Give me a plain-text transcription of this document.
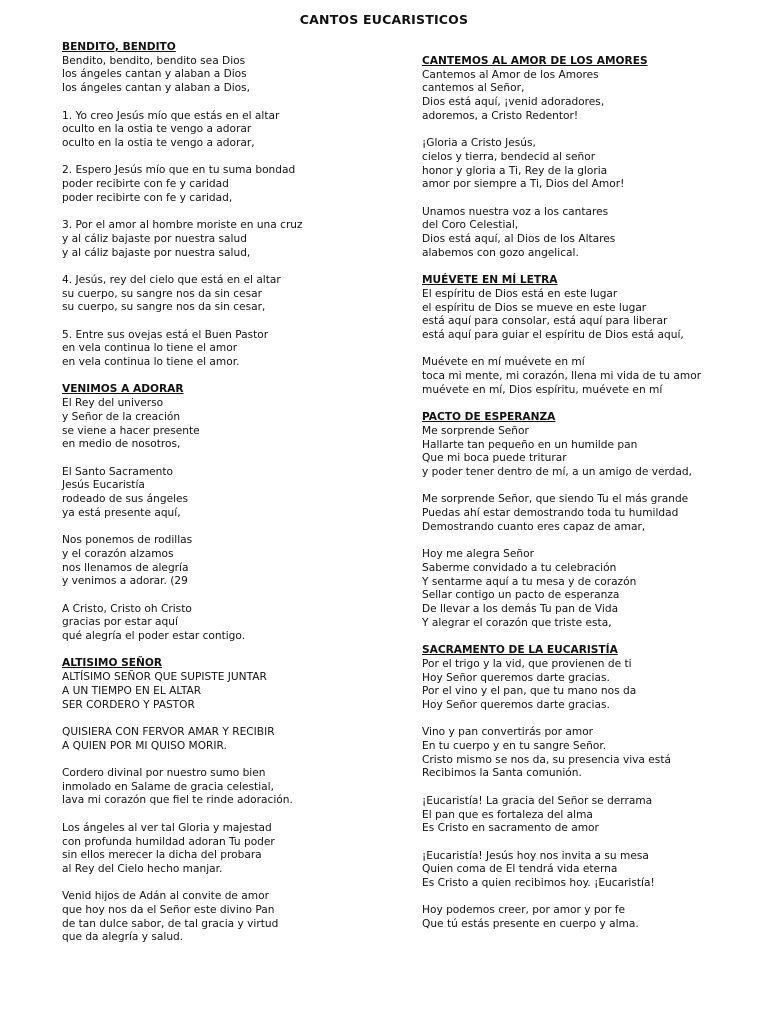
CANTOS EUCARISTICOS
BENDITO, BENDITO
Bendito, bendito, bendito sea Dios
los ángeles cantan y alaban a Dios
los ángeles cantan y alaban a Dios,
1. Yo creo Jesús mío que estás en el altar
oculto en la ostia te vengo a adorar
oculto en la ostia te vengo a adorar,
2. Espero Jesús mío que en tu suma bondad
poder recibirte con fe y caridad
poder recibirte con fe y caridad,
3. Por el amor al hombre moriste en una cruz
y al cáliz bajaste por nuestra salud
y al cáliz bajaste por nuestra salud,
4. Jesús, rey del cielo que está en el altar
su cuerpo, su sangre nos da sin cesar
su cuerpo, su sangre nos da sin cesar,
5. Entre sus ovejas está el Buen Pastor
en vela continua lo tiene el amor
en vela continua lo tiene el amor.
VENIMOS A ADORAR
El Rey del universo
y Señor de la creación
se viene a hacer presente
en medio de nosotros,
El Santo Sacramento
Jesús Eucaristía
rodeado de sus ángeles
ya está presente aquí,
Nos ponemos de rodillas
y el corazón alzamos
nos llenamos de alegría
y venimos a adorar. (29
A Cristo, Cristo oh Cristo
gracias por estar aquí
qué alegría el poder estar contigo.
ALTISIMO SEÑOR
ALTÍSIMO SEÑOR QUE SUPISTE JUNTAR
A UN TIEMPO EN EL ALTAR
SER CORDERO Y PASTOR
QUISIERA CON FERVOR AMAR Y RECIBIR
A QUIEN POR MI QUISO MORIR.
Cordero divinal por nuestro sumo bien
inmolado en Salame de gracia celestial,
lava mi corazón que fiel te rinde adoración.
Los ángeles al ver tal Gloria y majestad
con profunda humildad adoran Tu poder
sin ellos merecer la dicha del probara
al Rey del Cielo hecho manjar.
Venid hijos de Adán al convite de amor
que hoy nos da el Señor este divino Pan
de tan dulce sabor, de tal gracia y virtud
que da alegría y salud.
CANTEMOS AL AMOR DE LOS AMORES
Cantemos al Amor de los Amores
cantemos al Señor,
Dios está aquí, ¡venid adoradores,
adoremos, a Cristo Redentor!
¡Gloria a Cristo Jesús,
cielos y tierra, bendecid al señor
honor y gloria a Ti, Rey de la gloria
amor por siempre a Ti, Dios del Amor!
Unamos nuestra voz a los cantares
del Coro Celestial,
Dios está aquí, al Dios de los Altares
alabemos con gozo angelical.
MUÉVETE EN MÍ LETRA
El espíritu de Dios está en este lugar
el espíritu de Dios se mueve en este lugar
está aquí para consolar, está aquí para liberar
está aquí para guiar el espíritu de Dios está aquí,
Muévete en mí muévete en mí
toca mi mente, mi corazón, llena mi vida de tu amor
muévete en mí, Dios espíritu, muévete en mí
PACTO DE ESPERANZA
Me sorprende Señor
Hallarte tan pequeño en un humilde pan
Que mi boca puede triturar
y poder tener dentro de mí, a un amigo de verdad,
Me sorprende Señor, que siendo Tu el más grande
Puedas ahí estar demostrando toda tu humildad
Demostrando cuanto eres capaz de amar,
Hoy me alegra Señor
Saberme convidado a tu celebración
Y sentarme aquí a tu mesa y de corazón
Sellar contigo un pacto de esperanza
De llevar a los demás Tu pan de Vida
Y alegrar el corazón que triste esta,
SACRAMENTO DE LA EUCARISTÍA
Por el trigo y la vid, que provienen de ti
Hoy Señor queremos darte gracias.
Por el vino y el pan, que tu mano nos da
Hoy Señor queremos darte gracias.
Vino y pan convertirás por amor
En tu cuerpo y en tu sangre Señor.
Cristo mismo se nos da, su presencia viva está
Recibimos la Santa comunión.
¡Eucaristía! La gracia del Señor se derrama
El pan que es fortaleza del alma
Es Cristo en sacramento de amor
¡Eucaristía! Jesús hoy nos invita a su mesa
Quien coma de El tendrá vida eterna
Es Cristo a quien recibimos hoy. ¡Eucaristía!
Hoy podemos creer, por amor y por fe
Que tú estás presente en cuerpo y alma.
